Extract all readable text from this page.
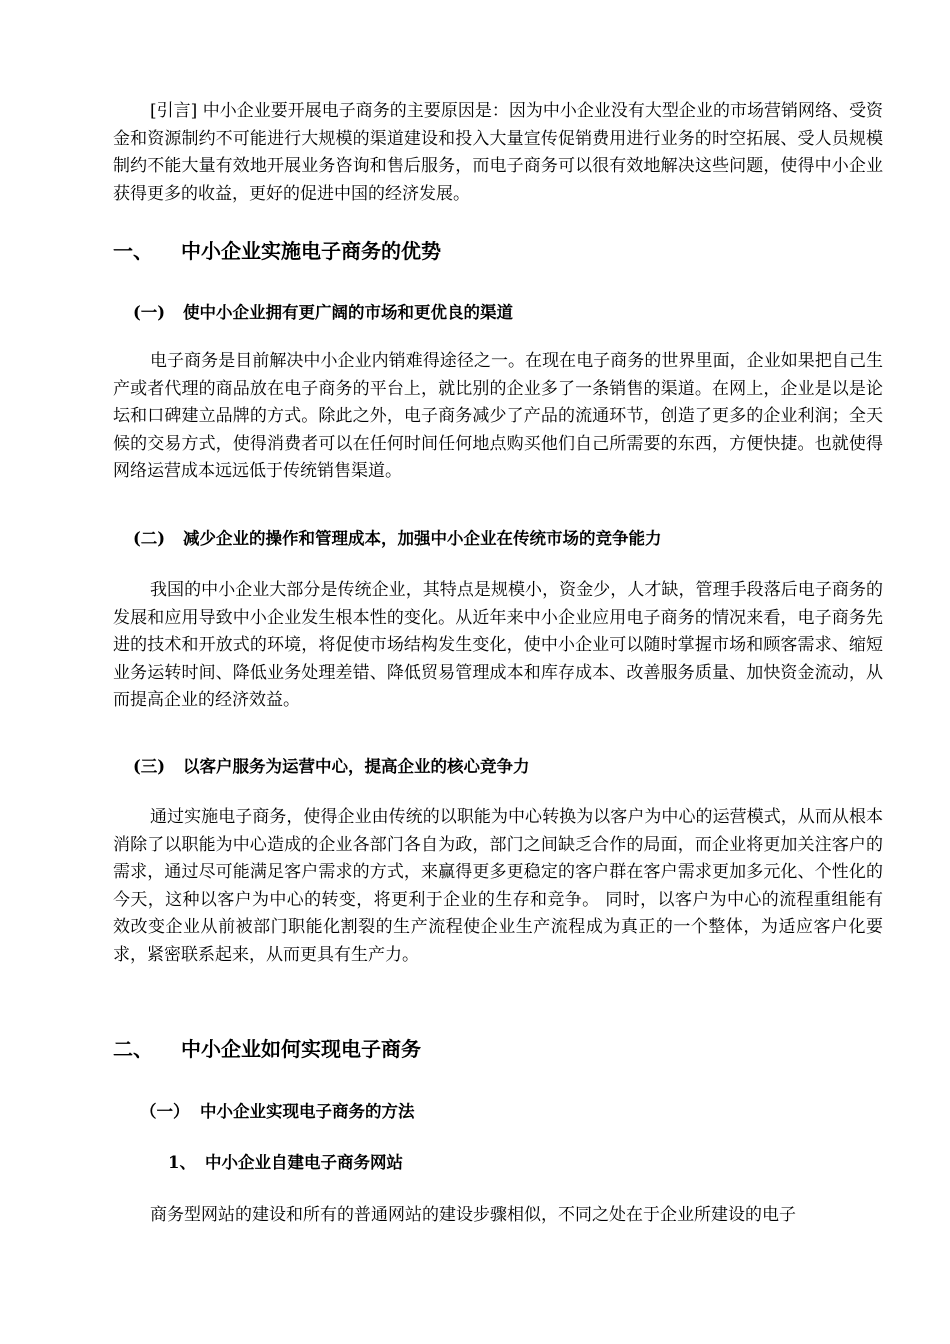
[引言] 中小企业要开展电子商务的主要原因是：因为中小企业没有大型企业的市场营销网络、受资金和资源制约不可能进行大规模的渠道建设和投入大量宣传促销费用进行业务的时空拓展、受人员规模制约不能大量有效地开展业务咨询和售后服务，而电子商务可以很有效地解决这些问题，使得中小企业获得更多的收益，更好的促进中国的经济发展。

一、 中小企业实施电子商务的优势
(一) 使中小企业拥有更广阔的市场和更优良的渠道

电子商务是目前解决中小企业内销难得途径之一。在现在电子商务的世界里面，企业如果把自己生产或者代理的商品放在电子商务的平台上，就比别的企业多了一条销售的渠道。在网上，企业是以是论坛和口碑建立品牌的方式。除此之外，电子商务减少了产品的流通环节，创造了更多的企业利润；全天候的交易方式，使得消费者可以在任何时间任何地点购买他们自己所需要的东西，方便快捷。也就使得网络运营成本远远低于传统销售渠道。

(二) 减少企业的操作和管理成本，加强中小企业在传统市场的竞争能力

我国的中小企业大部分是传统企业，其特点是规模小，资金少，人才缺，管理手段落后电子商务的发展和应用导致中小企业发生根本性的变化。从近年来中小企业应用电子商务的情况来看，电子商务先进的技术和开放式的环境，将促使市场结构发生变化，使中小企业可以随时掌握市场和顾客需求、缩短业务运转时间、降低业务处理差错、降低贸易管理成本和库存成本、改善服务质量、加快资金流动，从而提高企业的经济效益。

(三) 以客户服务为运营中心，提高企业的核心竞争力

通过实施电子商务，使得企业由传统的以职能为中心转换为以客户为中心的运营模式，从而从根本消除了以职能为中心造成的企业各部门各自为政，部门之间缺乏合作的局面，而企业将更加关注客户的需求，通过尽可能满足客户需求的方式，来赢得更多更稳定的客户群在客户需求更加多元化、个性化的今天，这种以客户为中心的转变，将更利于企业的生存和竞争。 同时，以客户为中心的流程重组能有效改变企业从前被部门职能化割裂的生产流程使企业生产流程成为真正的一个整体，为适应客户化要求，紧密联系起来，从而更具有生产力。

二、 中小企业如何实现电子商务
（一） 中小企业实现电子商务的方法
1、 中小企业自建电子商务网站

商务型网站的建设和所有的普通网站的建设步骤相似，不同之处在于企业所建设的电子
